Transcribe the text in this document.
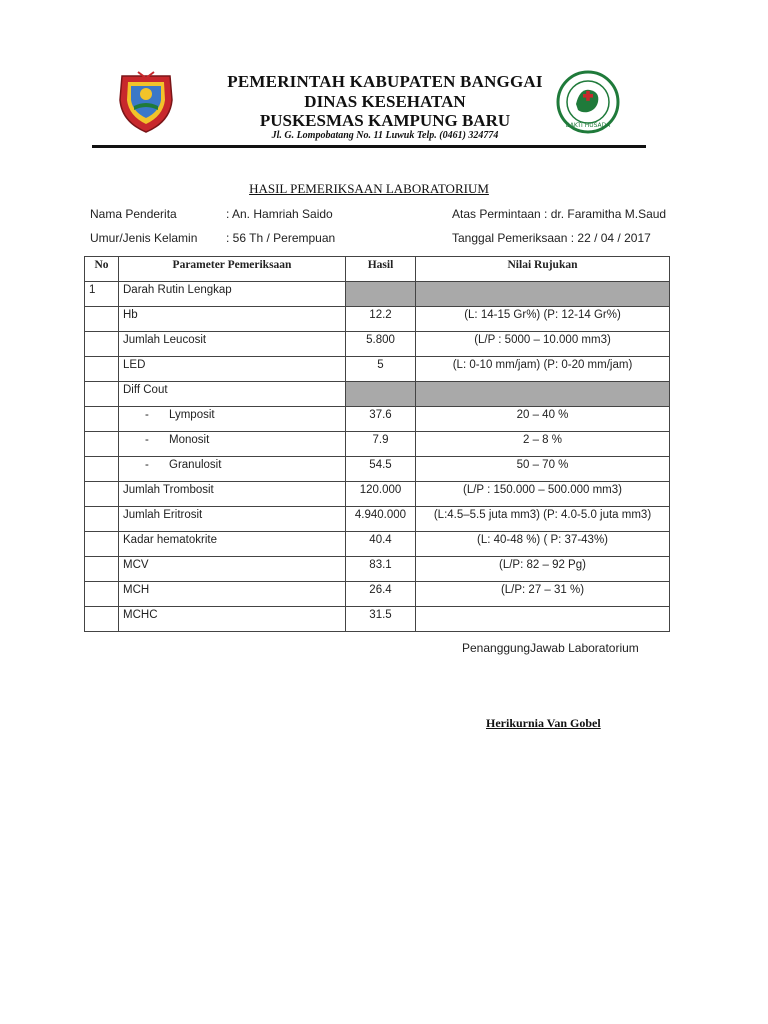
PEMERINTAH KABUPATEN BANGGAI
DINAS KESEHATAN
PUSKESMAS KAMPUNG BARU
Jl. G. Lompobatang No. 11 Luwuk Telp. (0461) 324774
BAKTI HUSADA
HASIL PEMERIKSAAN LABORATORIUM
Nama Penderita	: An. Hamriah Saido	Atas Permintaan : dr. Faramitha M.Saud
Umur/Jenis Kelamin : 56 Th / Perempuan	Tanggal Pemeriksaan : 22 / 04 / 2017
No	Parameter Pemeriksaan	Hasil	Nilai Rujukan
1	Darah Rutin Lengkap		
	Hb	12.2	(L: 14-15 Gr%) (P: 12-14 Gr%)
	Jumlah Leucosit	5.800	(L/P : 5000 – 10.000 mm3)
	LED	5	(L: 0-10 mm/jam) (P: 0-20 mm/jam)
	Diff Cout		
	- Lymposit	37.6	20 – 40 %
	- Monosit	7.9	2 – 8 %
	- Granulosit	54.5	50 – 70 %
	Jumlah Trombosit	120.000	(L/P : 150.000 – 500.000 mm3)
	Jumlah Eritrosit	4.940.000	(L:4.5–5.5 juta mm3) (P: 4.0-5.0 juta mm3)
	Kadar hematokrite	40.4	(L: 40-48 %) ( P: 37-43%)
	MCV	83.1	(L/P: 82 – 92 Pg)
	MCH	26.4	(L/P: 27 – 31 %)
	MCHC	31.5	
PenanggungJawab Laboratorium
Herikurnia Van Gobel
